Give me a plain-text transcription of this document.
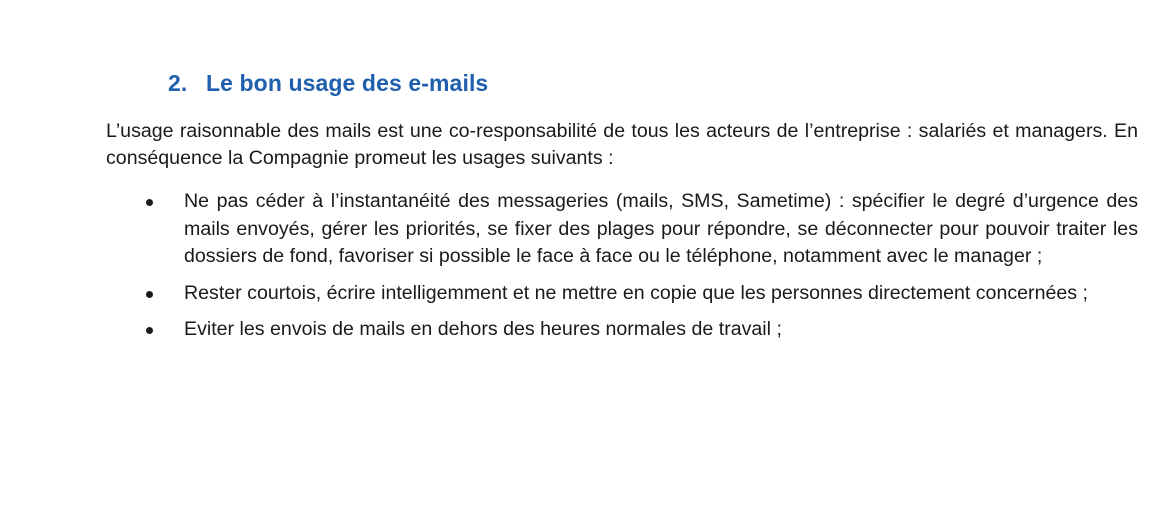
2. Le bon usage des e-mails

L’usage raisonnable des mails est une co-responsabilité de tous les acteurs de l’entreprise : salariés et managers. En conséquence la Compagnie promeut les usages suivants :

Ne pas céder à l’instantanéité des messageries (mails, SMS, Sametime) : spécifier le degré d’urgence des mails envoyés, gérer les priorités, se fixer des plages pour répondre, se déconnecter pour pouvoir traiter les dossiers de fond, favoriser si possible le face à face ou le téléphone, notamment avec le manager ;
Rester courtois, écrire intelligemment et ne mettre en copie que les personnes directement concernées ;
Eviter les envois de mails en dehors des heures normales de travail ;
